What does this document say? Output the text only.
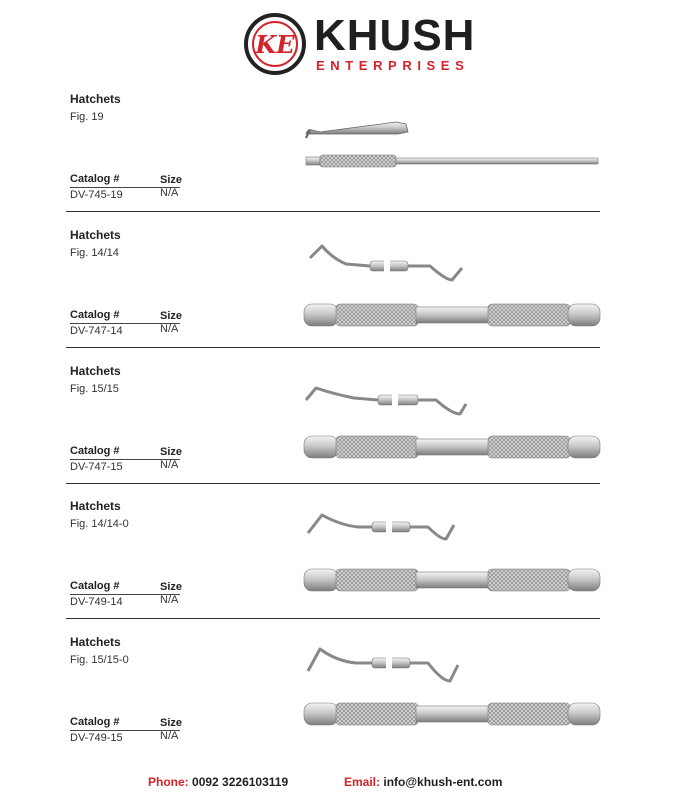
KE KHUSH
ENTERPRISES
Hatchets
Fig. 19
Catalog #	Size
DV-745-19	N/A
Hatchets
Fig. 14/14
Catalog #	Size
DV-747-14	N/A
Hatchets
Fig. 15/15
Catalog #	Size
DV-747-15	N/A
Hatchets
Fig. 14/14-0
Catalog #	Size
DV-749-14	N/A
Hatchets
Fig. 15/15-0
Catalog #	Size
DV-749-15	N/A
Phone: 0092 3226103119	Email: info@khush-ent.com
